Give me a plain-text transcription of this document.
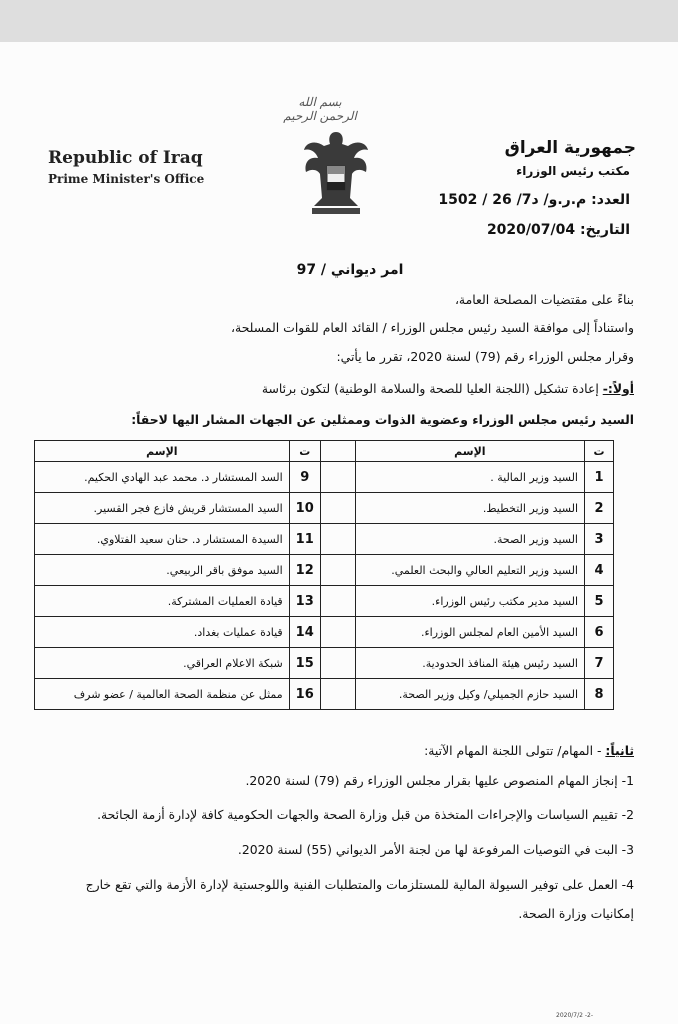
بسم الله الرحمن الرحيم
Republic of Iraq
Prime Minister's Office
جمهورية العراق
مكتب رئيس الوزراء
العدد: م.ر.و/ د7/ 26 / 1502
التاريخ: 2020/07/04
امر ديواني / 97
بناءً على مقتضيات المصلحة العامة،
واستناداً إلى موافقة السيد رئيس مجلس الوزراء / القائد العام للقوات المسلحة،
وقرار مجلس الوزراء رقم (79) لسنة 2020، تقرر ما يأتي:
أولاً:- إعادة تشكيل (اللجنة العليا للصحة والسلامة الوطنية) لتكون برئاسة
السيد رئيس مجلس الوزراء وعضوية الذوات وممثلين عن الجهات المشار اليها لاحقاً:
ت	الإسم		ت	الإسم
1	السيد وزير المالية .		9	السد المستشار د. محمد عبد الهادي الحكيم.
2	السيد وزير التخطيط.		10	السيد المستشار قريش فازع فجر القسير.
3	السيد وزير الصحة.		11	السيدة المستشار د. حنان سعيد الفتلاوي.
4	السيد وزير التعليم العالي والبحث العلمي.		12	السيد موفق باقر الربيعي.
5	السيد مدير مكتب رئيس الوزراء.		13	قيادة العمليات المشتركة.
6	السيد الأمين العام لمجلس الوزراء.		14	قيادة عمليات بغداد.
7	السيد رئيس هيئة المنافذ الحدودية.		15	شبكة الاعلام العراقي.
8	السيد حازم الجميلي/ وكيل وزير الصحة.		16	ممثل عن منظمة الصحة العالمية / عضو شرف
ثانياً: - المهام/ تتولى اللجنة المهام الآتية:
1- إنجاز المهام المنصوص عليها بقرار مجلس الوزراء رقم (79) لسنة 2020.
2- تقييم السياسات والإجراءات المتخذة من قبل وزارة الصحة والجهات الحكومية كافة لإدارة أزمة الجائحة.
3- البت في التوصيات المرفوعة لها من لجنة الأمر الديواني (55) لسنة 2020.
4- العمل على توفير السيولة المالية للمستلزمات والمتطلبات الفنية واللوجستية لإدارة الأزمة والتي تقع خارج
إمكانيات وزارة الصحة.
2020/7/2 -2-
